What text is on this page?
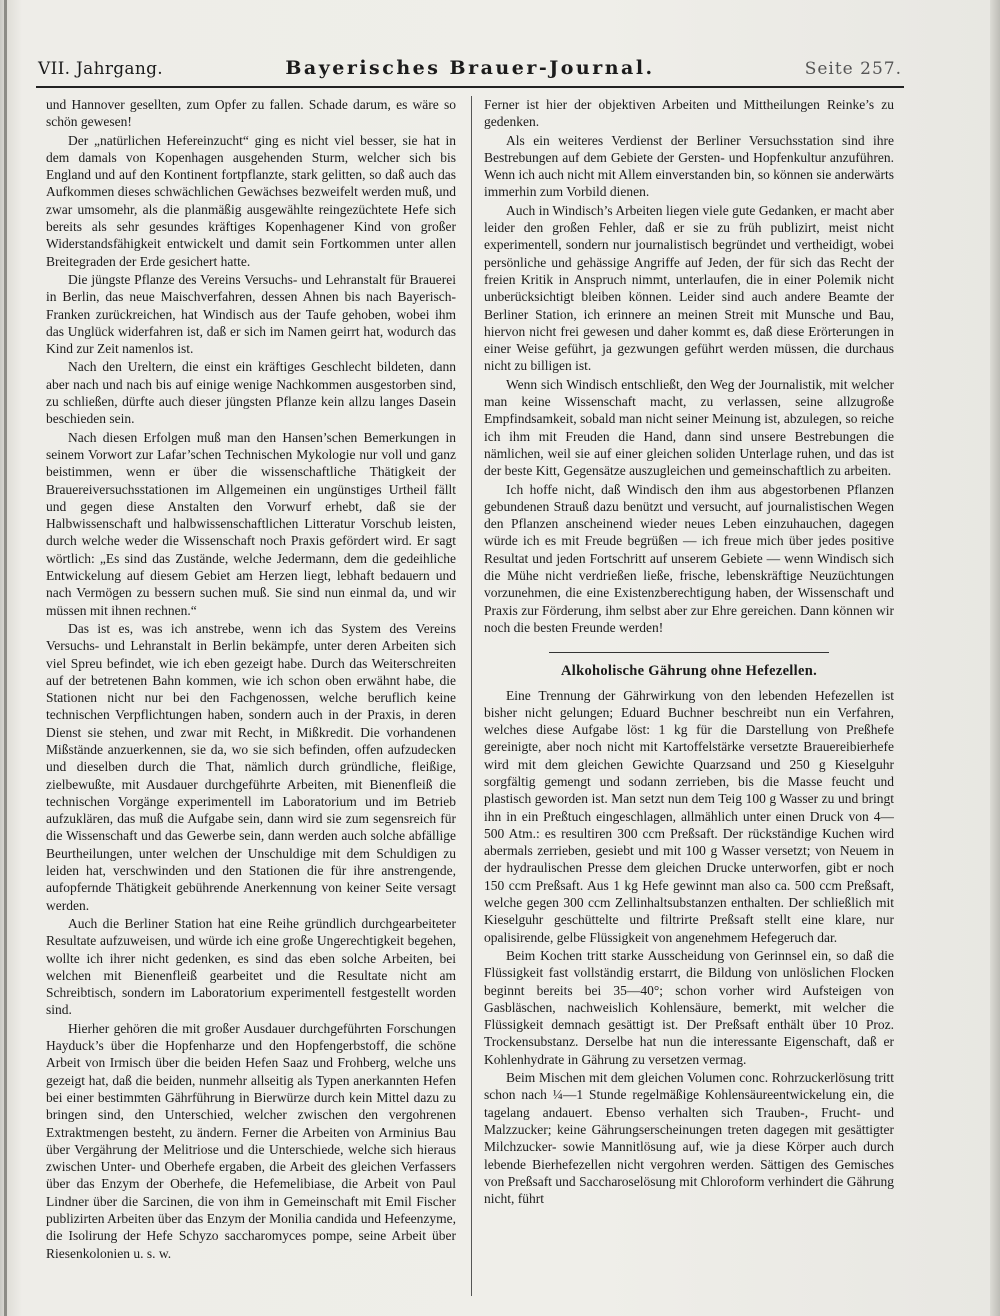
VII. Jahrgang.	Bayerisches Brauer-Journal.	Seite 257.

und Hannover gesellten, zum Opfer zu fallen. Schade darum, es wäre so schön gewesen!

Der „natürlichen Hefereinzucht“ ging es nicht viel besser, sie hat in dem damals von Kopenhagen ausgehenden Sturm, welcher sich bis England und auf den Kontinent fortpflanzte, stark gelitten, so daß auch das Aufkommen dieses schwächlichen Gewächses bezweifelt werden muß, und zwar umsomehr, als die planmäßig ausgewählte reingezüchtete Hefe sich bereits als sehr gesundes kräftiges Kopenhagener Kind von großer Widerstandsfähigkeit entwickelt und damit sein Fortkommen unter allen Breitegraden der Erde gesichert hatte.

Die jüngste Pflanze des Vereins Versuchs- und Lehranstalt für Brauerei in Berlin, das neue Maischverfahren, dessen Ahnen bis nach Bayerisch-Franken zurückreichen, hat Windisch aus der Taufe gehoben, wobei ihm das Unglück widerfahren ist, daß er sich im Namen geirrt hat, wodurch das Kind zur Zeit namenlos ist.

Nach den Ureltern, die einst ein kräftiges Geschlecht bildeten, dann aber nach und nach bis auf einige wenige Nachkommen ausgestorben sind, zu schließen, dürfte auch dieser jüngsten Pflanze kein allzu langes Dasein beschieden sein.

Nach diesen Erfolgen muß man den Hansen’schen Bemerkungen in seinem Vorwort zur Lafar’schen Technischen Mykologie nur voll und ganz beistimmen, wenn er über die wissenschaftliche Thätigkeit der Brauereiversuchsstationen im Allgemeinen ein ungünstiges Urtheil fällt und gegen diese Anstalten den Vorwurf erhebt, daß sie der Halbwissenschaft und halbwissenschaftlichen Litteratur Vorschub leisten, durch welche weder die Wissenschaft noch Praxis gefördert wird. Er sagt wörtlich: „Es sind das Zustände, welche Jedermann, dem die gedeihliche Entwickelung auf diesem Gebiet am Herzen liegt, lebhaft bedauern und nach Vermögen zu bessern suchen muß. Sie sind nun einmal da, und wir müssen mit ihnen rechnen.“

Das ist es, was ich anstrebe, wenn ich das System des Vereins Versuchs- und Lehranstalt in Berlin bekämpfe, unter deren Arbeiten sich viel Spreu befindet, wie ich eben gezeigt habe. Durch das Weiterschreiten auf der betretenen Bahn kommen, wie ich schon oben erwähnt habe, die Stationen nicht nur bei den Fachgenossen, welche beruflich keine technischen Verpflichtungen haben, sondern auch in der Praxis, in deren Dienst sie stehen, und zwar mit Recht, in Mißkredit. Die vorhandenen Mißstände anzuerkennen, sie da, wo sie sich befinden, offen aufzudecken und dieselben durch die That, nämlich durch gründliche, fleißige, zielbewußte, mit Ausdauer durchgeführte Arbeiten, mit Bienenfleiß die technischen Vorgänge experimentell im Laboratorium und im Betrieb aufzuklären, das muß die Aufgabe sein, dann wird sie zum segensreich für die Wissenschaft und das Gewerbe sein, dann werden auch solche abfällige Beurtheilungen, unter welchen der Unschuldige mit dem Schuldigen zu leiden hat, verschwinden und den Stationen die für ihre anstrengende, aufopfernde Thätigkeit gebührende Anerkennung von keiner Seite versagt werden.

Auch die Berliner Station hat eine Reihe gründlich durchgearbeiteter Resultate aufzuweisen, und würde ich eine große Ungerechtigkeit begehen, wollte ich ihrer nicht gedenken, es sind das eben solche Arbeiten, bei welchen mit Bienenfleiß gearbeitet und die Resultate nicht am Schreibtisch, sondern im Laboratorium experimentell festgestellt worden sind.

Hierher gehören die mit großer Ausdauer durchgeführten Forschungen Hayduck’s über die Hopfenharze und den Hopfengerbstoff, die schöne Arbeit von Irmisch über die beiden Hefen Saaz und Frohberg, welche uns gezeigt hat, daß die beiden, nunmehr allseitig als Typen anerkannten Hefen bei einer bestimmten Gährführung in Bierwürze durch kein Mittel dazu zu bringen sind, den Unterschied, welcher zwischen den vergohrenen Extraktmengen besteht, zu ändern. Ferner die Arbeiten von Arminius Bau über Vergährung der Melitriose und die Unterschiede, welche sich hieraus zwischen Unter- und Oberhefe ergaben, die Arbeit des gleichen Verfassers über das Enzym der Oberhefe, die Hefemelibiase, die Arbeit von Paul Lindner über die Sarcinen, die von ihm in Gemeinschaft mit Emil Fischer publizirten Arbeiten über das Enzym der Monilia candida und Hefeenzyme, die Isolirung der Hefe Schyzo saccharomyces pompe, seine Arbeit über Riesenkolonien u. s. w.

Ferner ist hier der objektiven Arbeiten und Mittheilungen Reinke’s zu gedenken.

Als ein weiteres Verdienst der Berliner Versuchsstation sind ihre Bestrebungen auf dem Gebiete der Gersten- und Hopfenkultur anzuführen. Wenn ich auch nicht mit Allem einverstanden bin, so können sie anderwärts immerhin zum Vorbild dienen.

Auch in Windisch’s Arbeiten liegen viele gute Gedanken, er macht aber leider den großen Fehler, daß er sie zu früh publizirt, meist nicht experimentell, sondern nur journalistisch begründet und vertheidigt, wobei persönliche und gehässige Angriffe auf Jeden, der für sich das Recht der freien Kritik in Anspruch nimmt, unterlaufen, die in einer Polemik nicht unberücksichtigt bleiben können. Leider sind auch andere Beamte der Berliner Station, ich erinnere an meinen Streit mit Munsche und Bau, hiervon nicht frei gewesen und daher kommt es, daß diese Erörterungen in einer Weise geführt, ja gezwungen geführt werden müssen, die durchaus nicht zu billigen ist.

Wenn sich Windisch entschließt, den Weg der Journalistik, mit welcher man keine Wissenschaft macht, zu verlassen, seine allzugroße Empfindsamkeit, sobald man nicht seiner Meinung ist, abzulegen, so reiche ich ihm mit Freuden die Hand, dann sind unsere Bestrebungen die nämlichen, weil sie auf einer gleichen soliden Unterlage ruhen, und das ist der beste Kitt, Gegensätze auszugleichen und gemeinschaftlich zu arbeiten.

Ich hoffe nicht, daß Windisch den ihm aus abgestorbenen Pflanzen gebundenen Strauß dazu benützt und versucht, auf journalistischen Wegen den Pflanzen anscheinend wieder neues Leben einzuhauchen, dagegen würde ich es mit Freude begrüßen — ich freue mich über jedes positive Resultat und jeden Fortschritt auf unserem Gebiete — wenn Windisch sich die Mühe nicht verdrießen ließe, frische, lebenskräftige Neuzüchtungen vorzunehmen, die eine Existenzberechtigung haben, der Wissenschaft und Praxis zur Förderung, ihm selbst aber zur Ehre gereichen. Dann können wir noch die besten Freunde werden!

Alkoholische Gährung ohne Hefezellen.

Eine Trennung der Gährwirkung von den lebenden Hefezellen ist bisher nicht gelungen; Eduard Buchner beschreibt nun ein Verfahren, welches diese Aufgabe löst: 1 kg für die Darstellung von Preßhefe gereinigte, aber noch nicht mit Kartoffelstärke versetzte Brauereibierhefe wird mit dem gleichen Gewichte Quarzsand und 250 g Kieselguhr sorgfältig gemengt und sodann zerrieben, bis die Masse feucht und plastisch geworden ist. Man setzt nun dem Teig 100 g Wasser zu und bringt ihn in ein Preßtuch eingeschlagen, allmählich unter einen Druck von 4—500 Atm.: es resultiren 300 ccm Preßsaft. Der rückständige Kuchen wird abermals zerrieben, gesiebt und mit 100 g Wasser versetzt; von Neuem in der hydraulischen Presse dem gleichen Drucke unterworfen, gibt er noch 150 ccm Preßsaft. Aus 1 kg Hefe gewinnt man also ca. 500 ccm Preßsaft, welche gegen 300 ccm Zellinhaltsubstanzen enthalten. Der schließlich mit Kieselguhr geschüttelte und filtrirte Preßsaft stellt eine klare, nur opalisirende, gelbe Flüssigkeit von angenehmem Hefegeruch dar.

Beim Kochen tritt starke Ausscheidung von Gerinnsel ein, so daß die Flüssigkeit fast vollständig erstarrt, die Bildung von unlöslichen Flocken beginnt bereits bei 35—40°; schon vorher wird Aufsteigen von Gasbläschen, nachweislich Kohlensäure, bemerkt, mit welcher die Flüssigkeit demnach gesättigt ist. Der Preßsaft enthält über 10 Proz. Trockensubstanz. Derselbe hat nun die interessante Eigenschaft, daß er Kohlenhydrate in Gährung zu versetzen vermag.

Beim Mischen mit dem gleichen Volumen conc. Rohrzuckerlösung tritt schon nach ¼—1 Stunde regelmäßige Kohlensäureentwickelung ein, die tagelang andauert. Ebenso verhalten sich Trauben-, Frucht- und Malzzucker; keine Gährungserscheinungen treten dagegen mit gesättigter Milchzucker- sowie Mannitlösung auf, wie ja diese Körper auch durch lebende Bierhefezellen nicht vergohren werden. Sättigen des Gemisches von Preßsaft und Saccharoselösung mit Chloroform verhindert die Gährung nicht, führt
